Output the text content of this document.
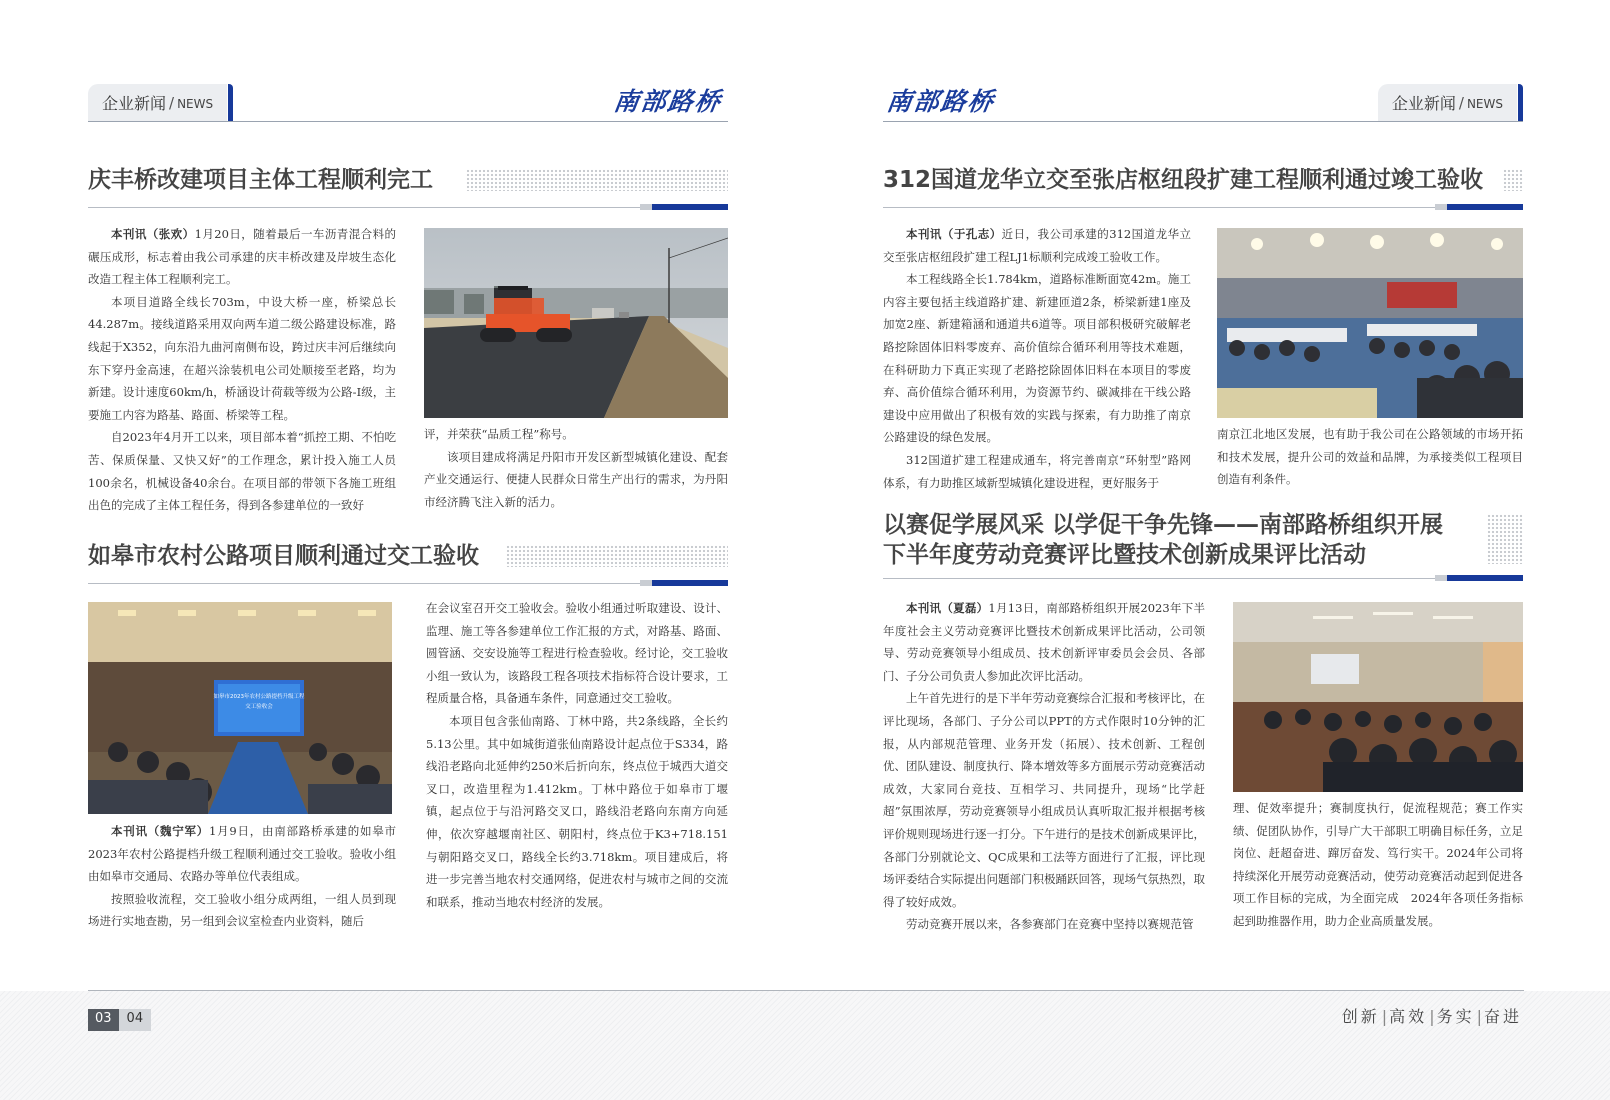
企业新闻 / NEWS	南部路桥
庆丰桥改建项目主体工程顺利完工

本刊讯（张欢）1月20日，随着最后一车沥青混合料的碾压成形，标志着由我公司承建的庆丰桥改建及岸坡生态化改造工程主体工程顺利完工。

本项目道路全线长703m，中设大桥一座，桥梁总长44.287m。接线道路采用双向两车道二级公路建设标准，路线起于X352，向东沿九曲河南侧布设，跨过庆丰河后继续向东下穿丹金高速，在超兴涂装机电公司处顺接至老路，均为新建。设计速度60km/h，桥涵设计荷载等级为公路-Ⅰ级，主要施工内容为路基、路面、桥梁等工程。

自2023年4月开工以来，项目部本着“抓控工期、不怕吃苦、保质保量、又快又好”的工作理念，累计投入施工人员100余名，机械设备40余台。在项目部的带领下各施工班组出色的完成了主体工程任务，得到各参建单位的一致好

评，并荣获“品质工程”称号。

该项目建成将满足丹阳市开发区新型城镇化建设、配套产业交通运行、便捷人民群众日常生产出行的需求，为丹阳市经济腾飞注入新的活力。

如皋市农村公路项目顺利通过交工验收
如皋市2023年农村公路提档升级工程
交工验收会

本刊讯（魏宁军）1月9日，由南部路桥承建的如皋市2023年农村公路提档升级工程顺利通过交工验收。验收小组由如皋市交通局、农路办等单位代表组成。

按照验收流程，交工验收小组分成两组，一组人员到现场进行实地查勘，另一组到会议室检查内业资料，随后

在会议室召开交工验收会。验收小组通过听取建设、设计、监理、施工等各参建单位工作汇报的方式，对路基、路面、圆管涵、交安设施等工程进行检查验收。经讨论，交工验收小组一致认为，该路段工程各项技术指标符合设计要求，工程质量合格，具备通车条件，同意通过交工验收。

本项目包含张仙南路、丁林中路，共2条线路，全长约5.13公里。其中如城街道张仙南路设计起点位于S334，路线沿老路向北延伸约250米后折向东，终点位于城西大道交叉口，改造里程为1.412km。丁林中路位于如皋市丁堰镇，起点位于与沿河路交叉口，路线沿老路向东南方向延伸，依次穿越堰南社区、朝阳村，终点位于K3+718.151与朝阳路交叉口，路线全长约3.718km。项目建成后，将进一步完善当地农村交通网络，促进农村与城市之间的交流和联系，推动当地农村经济的发展。

南部路桥	企业新闻 / NEWS
312国道龙华立交至张店枢纽段扩建工程顺利通过竣工验收

本刊讯（于孔志）近日，我公司承建的312国道龙华立交至张店枢纽段扩建工程LJ1标顺利完成竣工验收工作。

本工程线路全长1.784km，道路标准断面宽42m。施工内容主要包括主线道路扩建、新建匝道2条，桥梁新建1座及加宽2座、新建箱涵和通道共6道等。项目部积极研究破解老路挖除固体旧料零废弃、高价值综合循环利用等技术难题，在科研助力下真正实现了老路挖除固体旧料在本项目的零废弃、高价值综合循环利用，为资源节约、碳减排在干线公路建设中应用做出了积极有效的实践与探索，有力助推了南京公路建设的绿色发展。

312国道扩建工程建成通车，将完善南京“环射型”路网体系，有力助推区域新型城镇化建设进程，更好服务于

南京江北地区发展，也有助于我公司在公路领域的市场开拓和技术发展，提升公司的效益和品牌，为承接类似工程项目创造有利条件。

以赛促学展风采 以学促干争先锋——南部路桥组织开展
下半年度劳动竞赛评比暨技术创新成果评比活动

本刊讯（夏磊）1月13日，南部路桥组织开展2023年下半年度社会主义劳动竞赛评比暨技术创新成果评比活动，公司领导、劳动竞赛领导小组成员、技术创新评审委员会会员、各部门、子分公司负责人参加此次评比活动。

上午首先进行的是下半年劳动竞赛综合汇报和考核评比，在评比现场，各部门、子分公司以PPT的方式作限时10分钟的汇报，从内部规范管理、业务开发（拓展）、技术创新、工程创优、团队建设、制度执行、降本增效等多方面展示劳动竞赛活动成效，大家同台竞技、互相学习、共同提升，现场“比学赶超”氛围浓厚，劳动竞赛领导小组成员认真听取汇报并根据考核评价规则现场进行逐一打分。下午进行的是技术创新成果评比，各部门分别就论文、QC成果和工法等方面进行了汇报，评比现场评委结合实际提出问题部门积极踊跃回答，现场气氛热烈，取得了较好成效。

劳动竞赛开展以来，各参赛部门在竞赛中坚持以赛规范管

理、促效率提升；赛制度执行，促流程规范；赛工作实绩、促团队协作，引导广大干部职工明确目标任务，立足岗位、赶超奋进、蹿厉奋发、笃行实干。2024年公司将持续深化开展劳动竞赛活动，使劳动竞赛活动起到促进各项工作目标的完成，为全面完成　2024年各项任务指标起到助推器作用，助力企业高质量发展。

03	04	创新 | 高效 | 务实 | 奋进
